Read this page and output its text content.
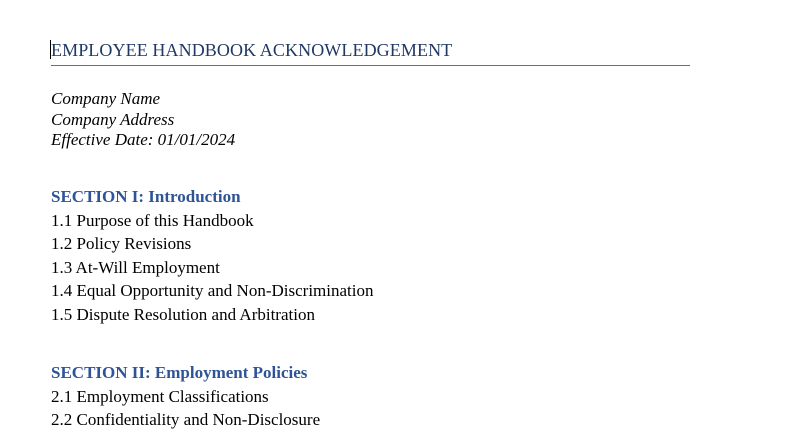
EMPLOYEE HANDBOOK ACKNOWLEDGEMENT
Company Name
Company Address
Effective Date: 01/01/2024
SECTION I: Introduction
1.1 Purpose of this Handbook
1.2 Policy Revisions
1.3 At-Will Employment
1.4 Equal Opportunity and Non-Discrimination
1.5 Dispute Resolution and Arbitration
SECTION II: Employment Policies
2.1 Employment Classifications
2.2 Confidentiality and Non-Disclosure
